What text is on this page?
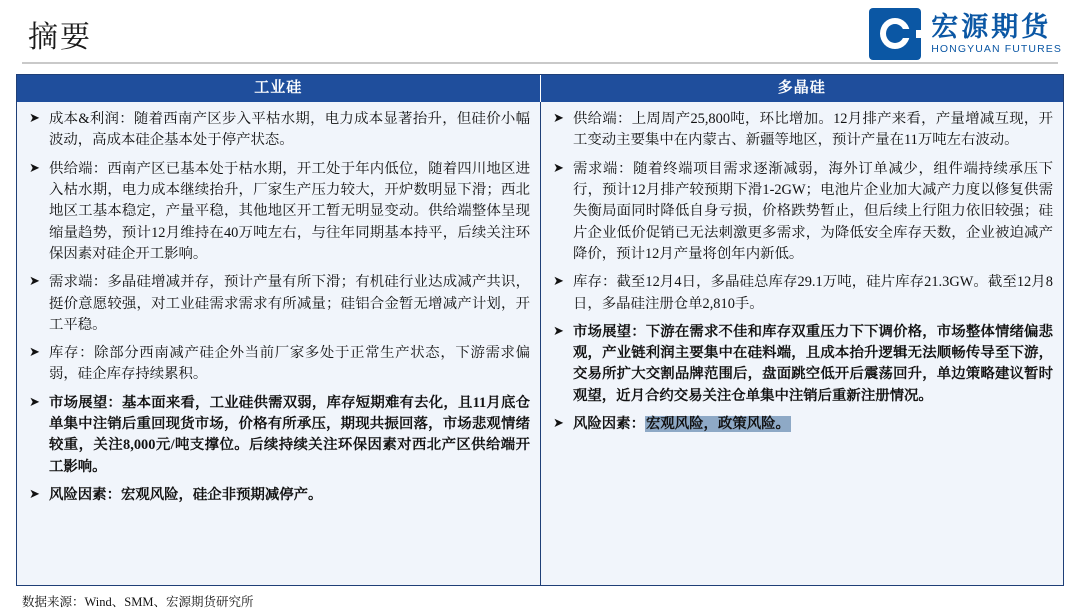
摘要	宏源期货
HONGYUAN FUTURES
工业硅	多晶硅
➤ 成本&利润：随着西南产区步入平枯水期，电力成本显著抬升，但硅价小幅波动，高成本硅企基本处于停产状态。
➤ 供给端：西南产区已基本处于枯水期，开工处于年内低位，随着四川地区进入枯水期，电力成本继续抬升，厂家生产压力较大，开炉数明显下滑；西北地区工基本稳定，产量平稳，其他地区开工暂无明显变动。供给端整体呈现缩量趋势，预计12月维持在40万吨左右，与往年同期基本持平，后续关注环保因素对硅企开工影响。
➤ 需求端：多晶硅增减并存，预计产量有所下滑；有机硅行业达成减产共识，挺价意愿较强，对工业硅需求需求有所减量；硅铝合金暂无增减产计划，开工平稳。
➤ 库存：除部分西南减产硅企外当前厂家多处于正常生产状态，下游需求偏弱，硅企库存持续累积。
➤ 市场展望：基本面来看，工业硅供需双弱，库存短期难有去化，且11月底仓单集中注销后重回现货市场，价格有所承压，期现共振回落，市场悲观情绪较重，关注8,000元/吨支撑位。后续持续关注环保因素对西北产区供给端开工影响。
➤ 风险因素：宏观风险，硅企非预期减停产。
➤ 供给端：上周周产25,800吨，环比增加。12月排产来看，产量增减互现，开工变动主要集中在内蒙古、新疆等地区，预计产量在11万吨左右波动。
➤ 需求端：随着终端项目需求逐渐减弱，海外订单减少，组件端持续承压下行，预计12月排产较预期下滑1-2GW；电池片企业加大减产力度以修复供需失衡局面同时降低自身亏损，价格跌势暂止，但后续上行阻力依旧较强；硅片企业低价促销已无法刺激更多需求，为降低安全库存天数，企业被迫减产降价，预计12月产量将创年内新低。
➤ 库存：截至12月4日，多晶硅总库存29.1万吨，硅片库存21.3GW。截至12月8日，多晶硅注册仓单2,810手。
➤ 市场展望：下游在需求不佳和库存双重压力下下调价格，市场整体情绪偏悲观，产业链利润主要集中在硅料端，且成本抬升逻辑无法顺畅传导至下游，交易所扩大交割品牌范围后，盘面跳空低开后震荡回升，单边策略建议暂时观望，近月合约交易关注仓单集中注销后重新注册情况。
➤ 风险因素：宏观风险，政策风险。
数据来源：Wind、SMM、宏源期货研究所
